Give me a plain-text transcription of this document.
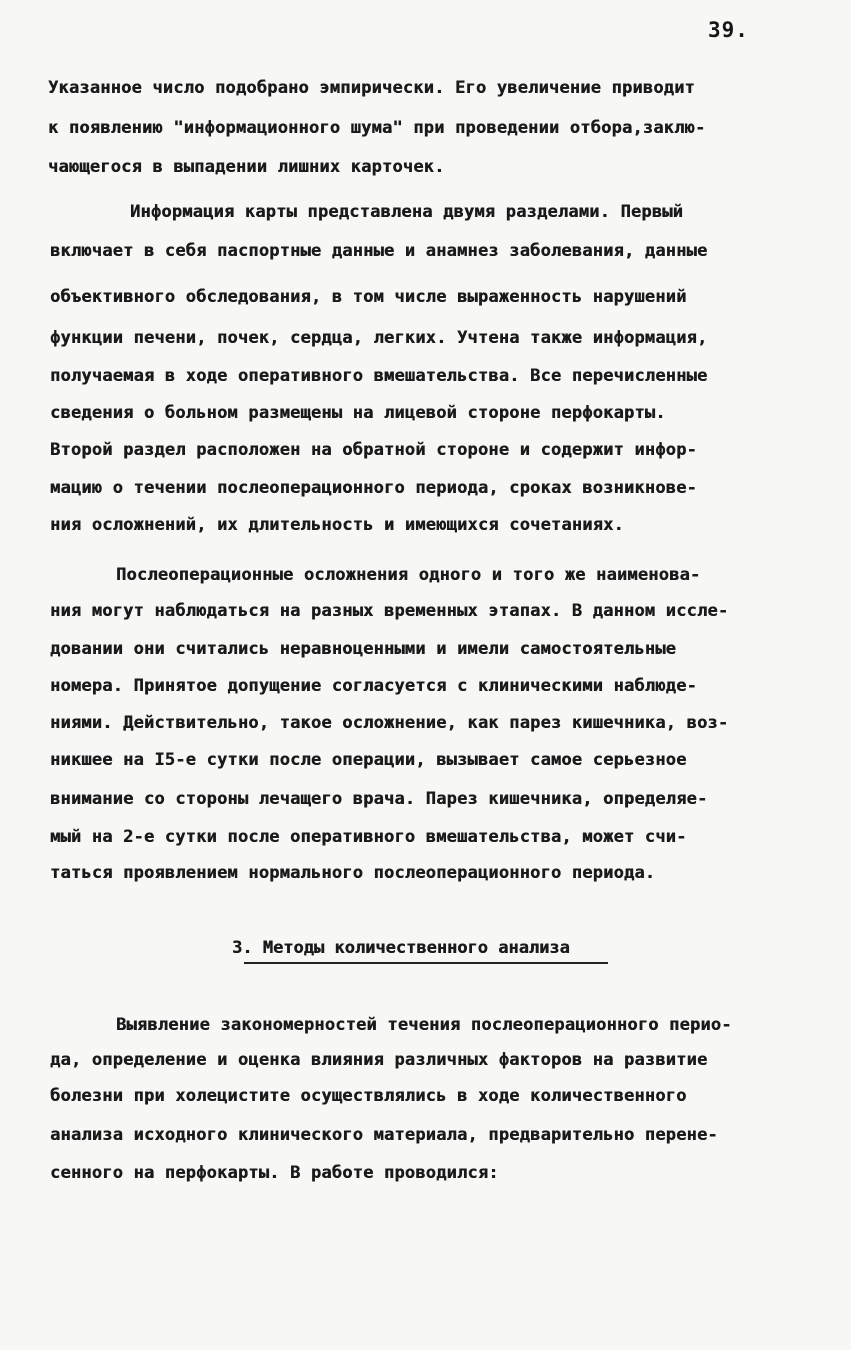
39.

Указанное число подобрано эмпирически. Его увеличение приводит

к появлению "информационного шума" при проведении отбора,заклю-

чающегося в выпадении лишних карточек.

Информация карты представлена двумя разделами. Первый

включает в себя паспортные данные и анамнез заболевания, данные

объективного обследования, в том числе выраженность нарушений

функции печени, почек, сердца, легких. Учтена также информация,

получаемая в ходе оперативного вмешательства. Все перечисленные

сведения о больном размещены на лицевой стороне перфокарты.

Второй раздел расположен на обратной стороне и содержит инфор-

мацию о течении послеоперационного периода, сроках возникнове-

ния осложнений, их длительность и имеющихся сочетаниях.

Послеоперационные осложнения одного и того же наименова-

ния могут наблюдаться на разных временных этапах. В данном иссле-

довании они считались неравноценными и имели самостоятельные

номера. Принятое допущение согласуется с клиническими наблюде-

ниями. Действительно, такое осложнение, как парез кишечника, воз-

никшее на I5-е сутки после операции, вызывает самое серьезное

внимание со стороны лечащего врача. Парез кишечника, определяе-

мый на 2-е сутки после оперативного вмешательства, может счи-

таться проявлением нормального послеоперационного периода.

3. Методы количественного анализа

Выявление закономерностей течения послеоперационного перио-

да, определение и оценка влияния различных факторов на развитие

болезни при холецистите осуществлялись в ходе количественного

анализа исходного клинического материала, предварительно перене-

сенного на перфокарты. В работе проводился:
